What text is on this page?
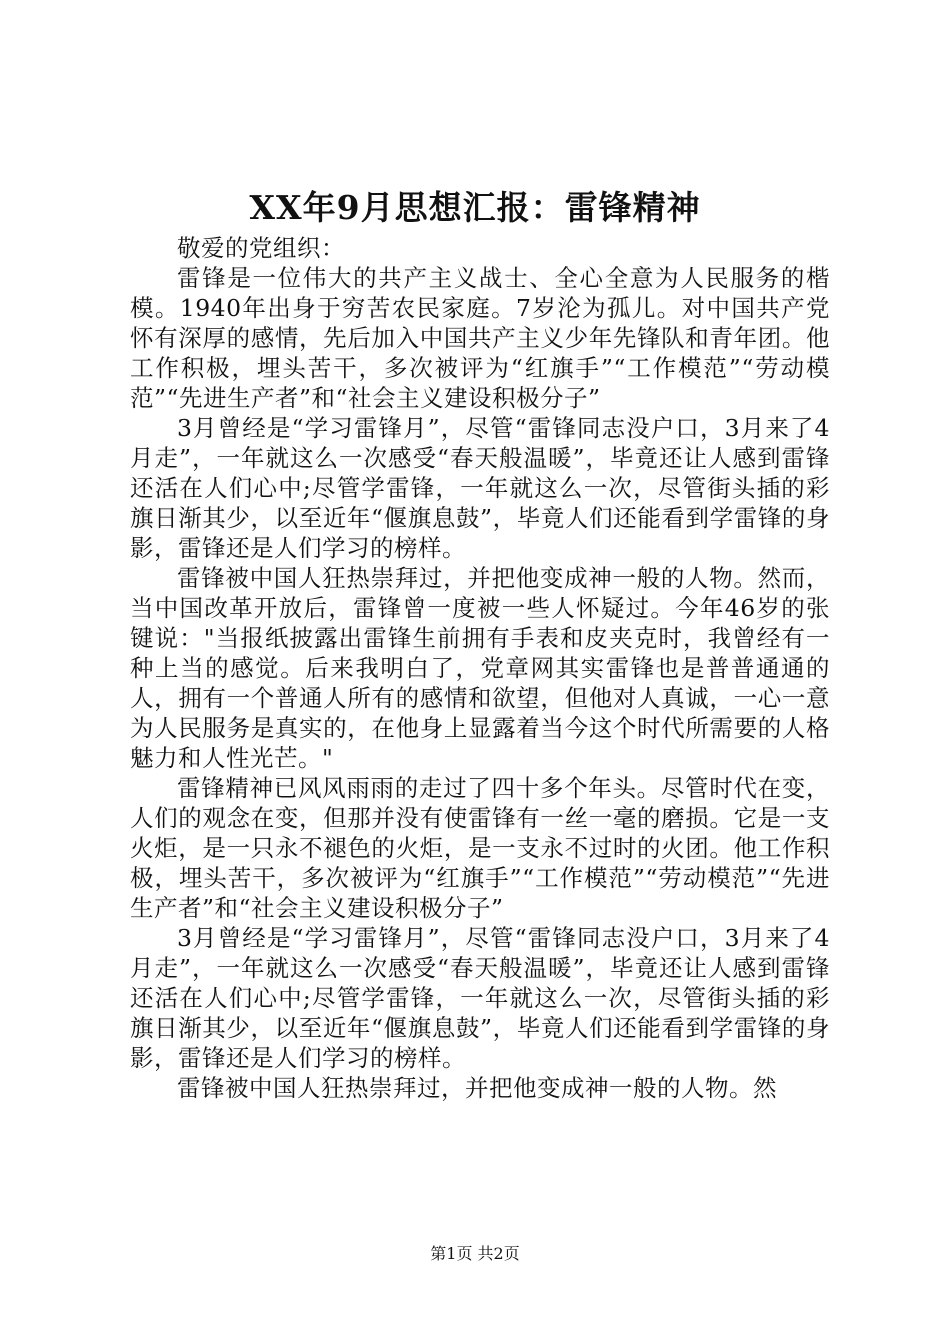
XX年9月思想汇报：雷锋精神

敬爱的党组织：

雷锋是一位伟大的共产主义战士、全心全意为人民服务的楷模。1940年出身于穷苦农民家庭。7岁沦为孤儿。对中国共产党怀有深厚的感情，先后加入中国共产主义少年先锋队和青年团。他工作积极，埋头苦干，多次被评为“红旗手”“工作模范”“劳动模范”“先进生产者”和“社会主义建设积极分子”

3月曾经是“学习雷锋月”，尽管“雷锋同志没户口，3月来了4月走”，一年就这么一次感受“春天般温暖”，毕竟还让人感到雷锋还活在人们心中;尽管学雷锋，一年就这么一次，尽管街头插的彩旗日渐其少，以至近年“偃旗息鼓”，毕竟人们还能看到学雷锋的身影，雷锋还是人们学习的榜样。

雷锋被中国人狂热崇拜过，并把他变成神一般的人物。然而，当中国改革开放后，雷锋曾一度被一些人怀疑过。今年46岁的张键说："当报纸披露出雷锋生前拥有手表和皮夹克时，我曾经有一种上当的感觉。后来我明白了，党章网其实雷锋也是普普通通的人，拥有一个普通人所有的感情和欲望，但他对人真诚，一心一意为人民服务是真实的，在他身上显露着当今这个时代所需要的人格魅力和人性光芒。"

雷锋精神已风风雨雨的走过了四十多个年头。尽管时代在变，人们的观念在变，但那并没有使雷锋有一丝一毫的磨损。它是一支火炬，是一只永不褪色的火炬，是一支永不过时的火团。他工作积极，埋头苦干，多次被评为“红旗手”“工作模范”“劳动模范”“先进生产者”和“社会主义建设积极分子”

3月曾经是“学习雷锋月”，尽管“雷锋同志没户口，3月来了4月走”，一年就这么一次感受“春天般温暖”，毕竟还让人感到雷锋还活在人们心中;尽管学雷锋，一年就这么一次，尽管街头插的彩旗日渐其少，以至近年“偃旗息鼓”，毕竟人们还能看到学雷锋的身影，雷锋还是人们学习的榜样。

雷锋被中国人狂热崇拜过，并把他变成神一般的人物。然

第1页 共2页
